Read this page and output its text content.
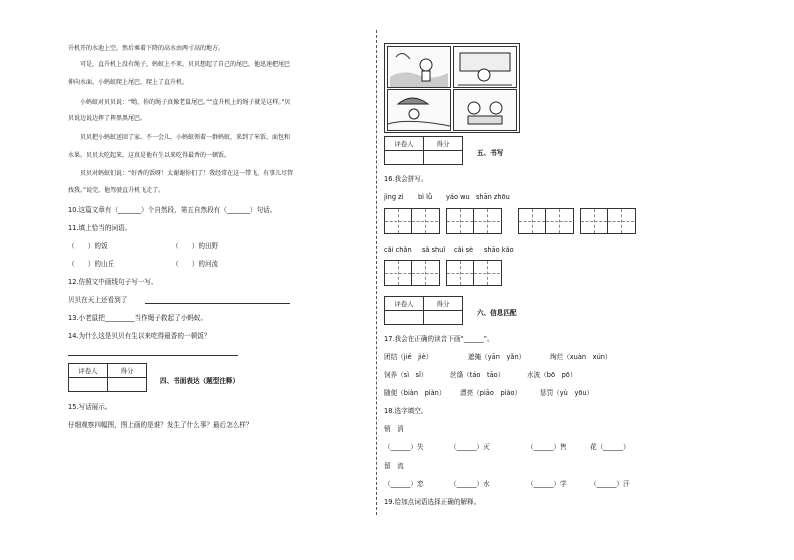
升机开的水池上空，然后乘着下降的高水由两寸高的地方。
可是，直升机上没有绳子，蚂蚁上不来。贝贝想起了自己的尾巴，他迅速把尾巴
伸向水面。小蚂蚁爬上尾巴，爬上了直升机。
小蚂蚁对贝贝说：“哟，你的绳子真像老鼠尾巴。”“直升机上的绳子就是这样。”贝
贝说边说边挥了挥黑黑尾巴。
贝贝把小蚂蚁送回了家。不一会儿，小蚂蚁领着一群蚂蚁，来到了米饭、面包和
水果。贝贝大吃起来，这真是他有生以来吃得最香的一顿饭。
贝贝对蚂蚁们说：“好香的饭呀！太谢谢你们了！我经常在这一带飞，有事儿尽管
找我。”说完，他驾驶直升机飞走了。
10.这篇文章有（_______）个自然段，第五自然段有（_______）句话。
11.填上恰当的词语。
（　　）的饭	（　　）的田野
（　　）的山丘	（　　）的河流
12.仿照文中画线句子写一写。
贝贝在天上还看到了
13.小老鼠把_________当作绳子救起了小蚂蚁。
14.为什么这是贝贝有生以来吃得最香的一顿饭？
评卷人	得分

四、书面表达（题型注释）
15.写话展示。
仔细观察四幅图，图上画的是谁？发生了什么事？最后怎么样？
评卷人	得分

五、书写
16.我会拼写。
jìng zi bì lǜ yáo wu shān zhōu
cǎi chǎn sǎ shuǐ cǎi sè shāo kǎo
评卷人	得分

六、信息匹配
17.我会在正确的读音下画“______”。
团结（jié　jiè）	遮掩（yān　yǎn）	绚烂（xuàn　xún）
饲养（sì　sǐ）	丝绦（táo　tāo）	水波（bō　pō）
随便（biàn　piàn） 漂亮（piāo　piào）	惩罚（yù　yōu）
18.选字填空。
销　消
（______）失	（______）灭	（______）售	花（______）
留　流
（______）恋	（______）水	（______）学	（______）汗
19.给加点词语选择正确的解释。
